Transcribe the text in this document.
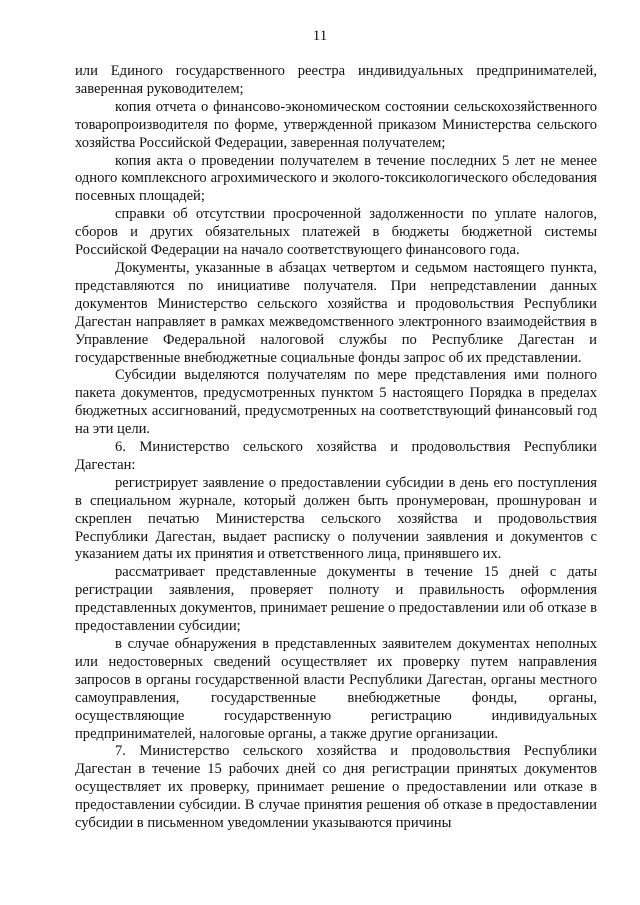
11

или Единого государственного реестра индивидуальных предпринимателей, заверенная руководителем;

копия отчета о финансово-экономическом состоянии сельскохозяйственного товаропроизводителя по форме, утвержденной приказом Министерства сельского хозяйства Российской Федерации, заверенная получателем;

копия акта о проведении получателем в течение последних 5 лет не менее одного комплексного агрохимического и эколого-токсикологического обследования посевных площадей;

справки об отсутствии просроченной задолженности по уплате налогов, сборов и других обязательных платежей в бюджеты бюджетной системы Российской Федерации на начало соответствующего финансового года.

Документы, указанные в абзацах четвертом и седьмом настоящего пункта, представляются по инициативе получателя. При непредставлении данных документов Министерство сельского хозяйства и продовольствия Республики Дагестан направляет в рамках межведомственного электронного взаимодействия в Управление Федеральной налоговой службы по Республике Дагестан и государственные внебюджетные социальные фонды запрос об их представлении.

Субсидии выделяются получателям по мере представления ими полного пакета документов, предусмотренных пунктом 5 настоящего Порядка в пределах бюджетных ассигнований, предусмотренных на соответствующий финансовый год на эти цели.

6. Министерство сельского хозяйства и продовольствия Республики Дагестан:

регистрирует заявление о предоставлении субсидии в день его поступления в специальном журнале, который должен быть пронумерован, прошнурован и скреплен печатью Министерства сельского хозяйства и продовольствия Республики Дагестан, выдает расписку о получении заявления и документов с указанием даты их принятия и ответственного лица, принявшего их.

рассматривает представленные документы в течение 15 дней с даты регистрации заявления, проверяет полноту и правильность оформления представленных документов, принимает решение о предоставлении или об отказе в предоставлении субсидии;

в случае обнаружения в представленных заявителем документах неполных или недостоверных сведений осуществляет их проверку путем направления запросов в органы государственной власти Республики Дагестан, органы местного самоуправления, государственные внебюджетные фонды, органы, осуществляющие государственную регистрацию индивидуальных предпринимателей, налоговые органы, а также другие организации.

7. Министерство сельского хозяйства и продовольствия Республики Дагестан в течение 15 рабочих дней со дня регистрации принятых документов осуществляет их проверку, принимает решение о предоставлении или отказе в предоставлении субсидии. В случае принятия решения об отказе в предоставлении субсидии в письменном уведомлении указываются причины
